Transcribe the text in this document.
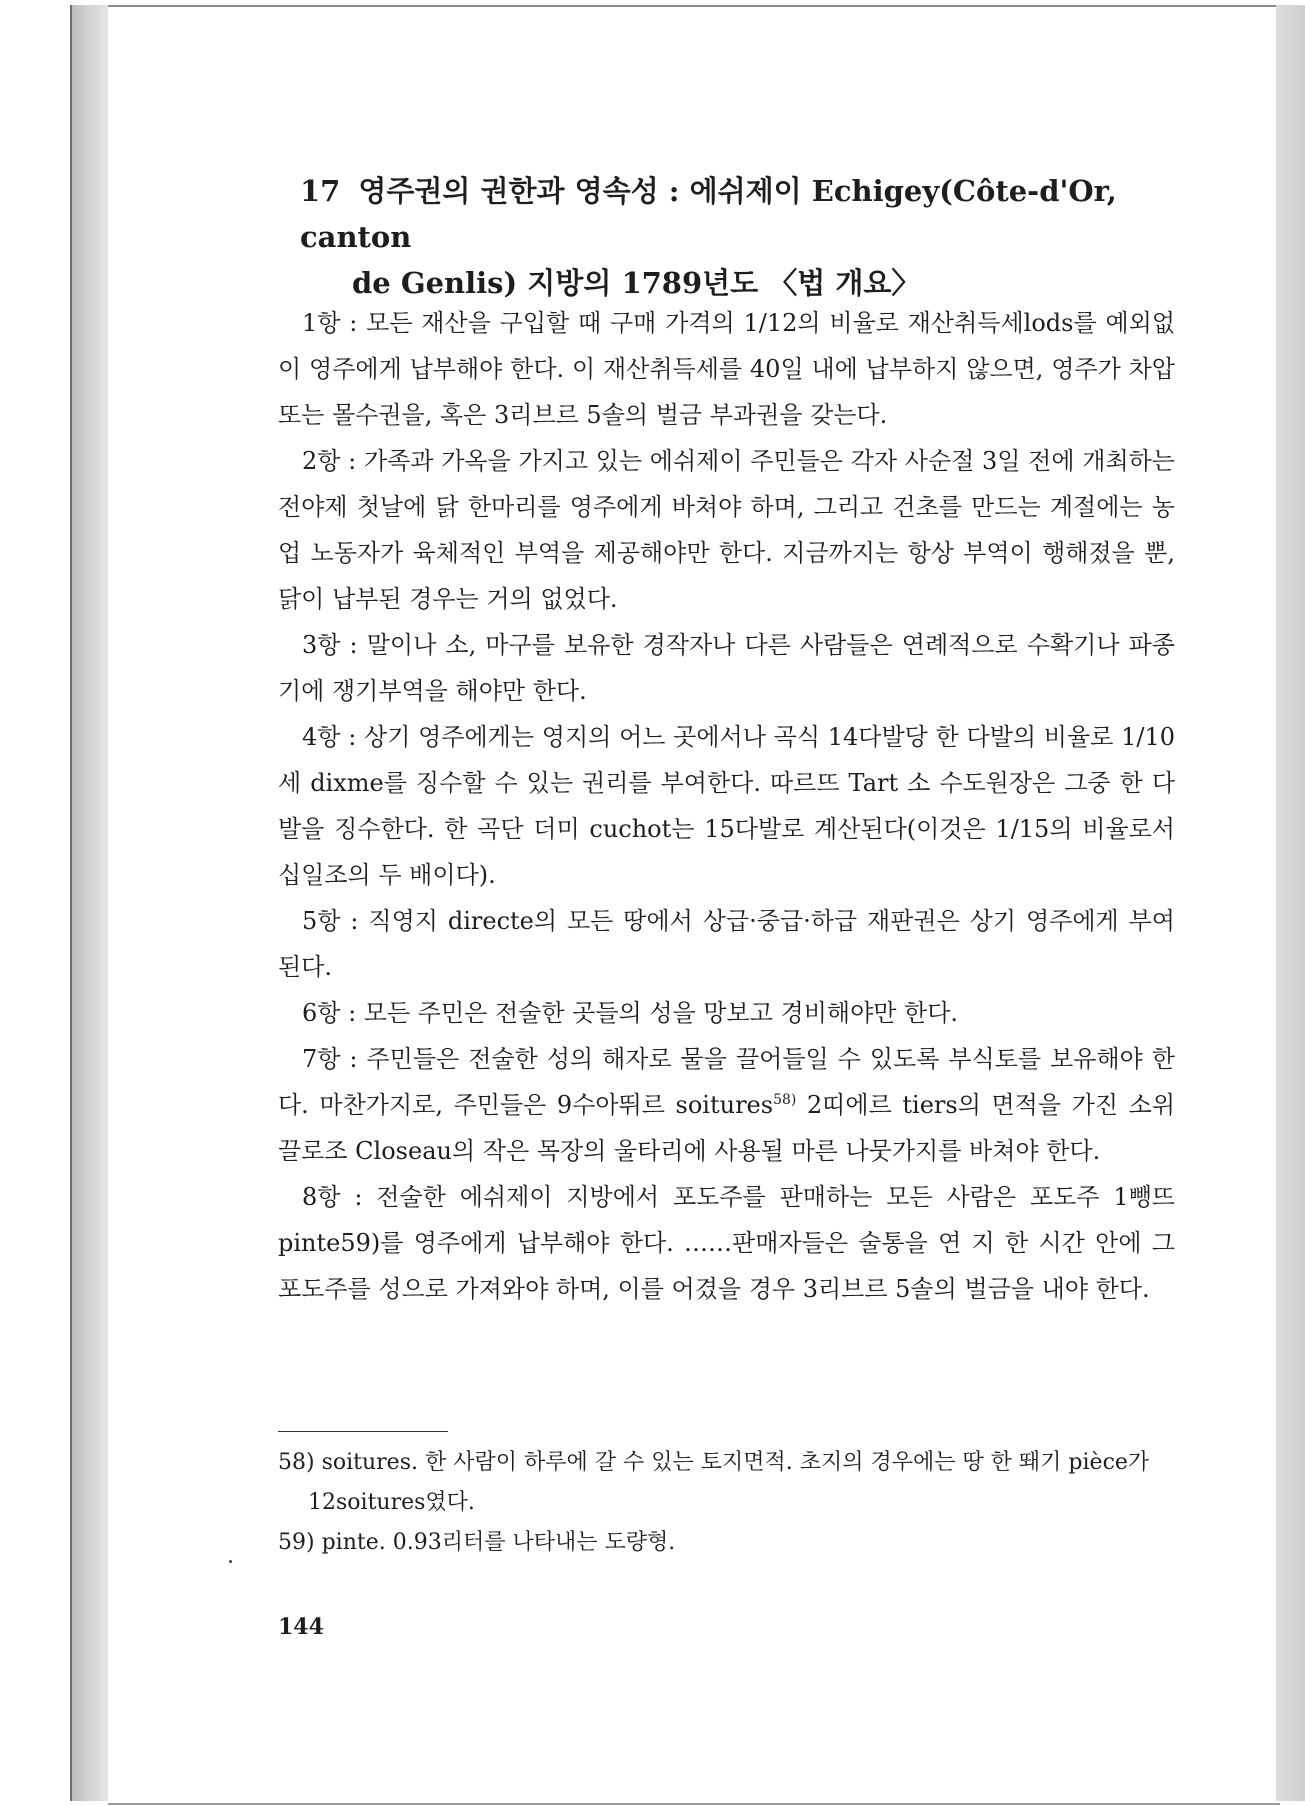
17 영주권의 권한과 영속성 : 에쉬제이 Echigey(Côte-d'Or, canton
de Genlis) 지방의 1789년도 〈법 개요〉

1항 : 모든 재산을 구입할 때 구매 가격의 1/12의 비율로 재산취득세lods를 예외없이 영주에게 납부해야 한다. 이 재산취득세를 40일 내에 납부하지 않으면, 영주가 차압 또는 몰수권을, 혹은 3리브르 5솔의 벌금 부과권을 갖는다.

2항 : 가족과 가옥을 가지고 있는 에쉬제이 주민들은 각자 사순절 3일 전에 개최하는 전야제 첫날에 닭 한마리를 영주에게 바쳐야 하며, 그리고 건초를 만드는 계절에는 농업 노동자가 육체적인 부역을 제공해야만 한다. 지금까지는 항상 부역이 행해졌을 뿐, 닭이 납부된 경우는 거의 없었다.

3항 : 말이나 소, 마구를 보유한 경작자나 다른 사람들은 연례적으로 수확기나 파종기에 쟁기부역을 해야만 한다.

4항 : 상기 영주에게는 영지의 어느 곳에서나 곡식 14다발당 한 다발의 비율로 1/10세 dixme를 징수할 수 있는 권리를 부여한다. 따르뜨 Tart 소 수도원장은 그중 한 다발을 징수한다. 한 곡단 더미 cuchot는 15다발로 계산된다(이것은 1/15의 비율로서 십일조의 두 배이다).

5항 : 직영지 directe의 모든 땅에서 상급·중급·하급 재판권은 상기 영주에게 부여된다.

6항 : 모든 주민은 전술한 곳들의 성을 망보고 경비해야만 한다.

7항 : 주민들은 전술한 성의 해자로 물을 끌어들일 수 있도록 부식토를 보유해야 한다. 마찬가지로, 주민들은 9수아뛰르 soitures$^{58)}$ 2띠에르 tiers의 면적을 가진 소위 끌로조 Closeau의 작은 목장의 울타리에 사용될 마른 나뭇가지를 바쳐야 한다.

8항 : 전술한 에쉬제이 지방에서 포도주를 판매하는 모든 사람은 포도주 1뺑뜨 pinte59)를 영주에게 납부해야 한다. ……판매자들은 술통을 연 지 한 시간 안에 그 포도주를 성으로 가져와야 하며, 이를 어겼을 경우 3리브르 5솔의 벌금을 내야 한다.

58) soitures. 한 사람이 하루에 갈 수 있는 토지면적. 초지의 경우에는 땅 한 뙈기 pièce가 12soitures였다.

59) pinte. 0.93리터를 나타내는 도량형.

144
